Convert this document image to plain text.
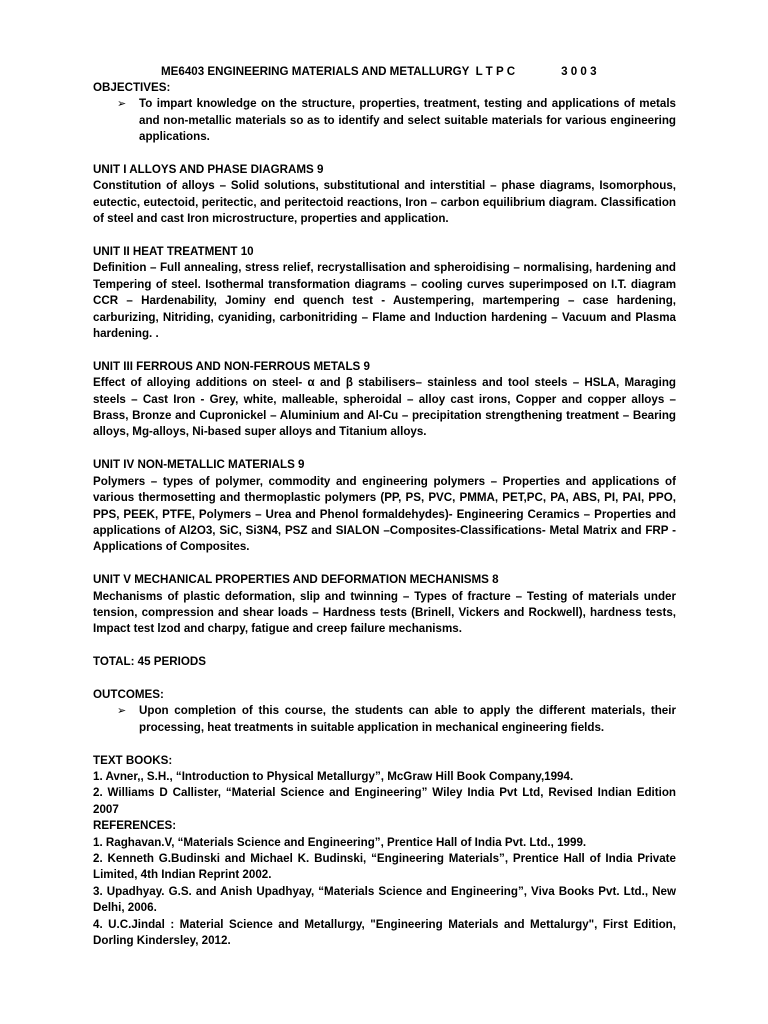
ME6403 ENGINEERING MATERIALS AND METALLURGY L T P C	3 0 0 3
OBJECTIVES:
➢ To impart knowledge on the structure, properties, treatment, testing and applications of metals and non-metallic materials so as to identify and select suitable materials for various engineering applications.
UNIT I ALLOYS AND PHASE DIAGRAMS 9

Constitution of alloys – Solid solutions, substitutional and interstitial – phase diagrams, Isomorphous, eutectic, eutectoid, peritectic, and peritectoid reactions, Iron – carbon equilibrium diagram. Classification of steel and cast Iron microstructure, properties and application.

UNIT II HEAT TREATMENT 10

Definition – Full annealing, stress relief, recrystallisation and spheroidising – normalising, hardening and Tempering of steel. Isothermal transformation diagrams – cooling curves superimposed on I.T. diagram CCR – Hardenability, Jominy end quench test - Austempering, martempering – case hardening, carburizing, Nitriding, cyaniding, carbonitriding – Flame and Induction hardening – Vacuum and Plasma hardening. .

UNIT III FERROUS AND NON-FERROUS METALS 9

Effect of alloying additions on steel- α and β stabilisers– stainless and tool steels – HSLA, Maraging steels – Cast Iron - Grey, white, malleable, spheroidal – alloy cast irons, Copper and copper alloys – Brass, Bronze and Cupronickel – Aluminium and Al-Cu – precipitation strengthening treatment – Bearing alloys, Mg-alloys, Ni-based super alloys and Titanium alloys.

UNIT IV NON-METALLIC MATERIALS 9

Polymers – types of polymer, commodity and engineering polymers – Properties and applications of various thermosetting and thermoplastic polymers (PP, PS, PVC, PMMA, PET,PC, PA, ABS, PI, PAI, PPO, PPS, PEEK, PTFE, Polymers – Urea and Phenol formaldehydes)- Engineering Ceramics – Properties and applications of Al2O3, SiC, Si3N4, PSZ and SIALON –Composites-Classifications- Metal Matrix and FRP - Applications of Composites.

UNIT V MECHANICAL PROPERTIES AND DEFORMATION MECHANISMS 8

Mechanisms of plastic deformation, slip and twinning – Types of fracture – Testing of materials under tension, compression and shear loads – Hardness tests (Brinell, Vickers and Rockwell), hardness tests, Impact test lzod and charpy, fatigue and creep failure mechanisms.

TOTAL: 45 PERIODS
OUTCOMES:
➢ Upon completion of this course, the students can able to apply the different materials, their processing, heat treatments in suitable application in mechanical engineering fields.
TEXT BOOKS:

1. Avner,, S.H., “Introduction to Physical Metallurgy”, McGraw Hill Book Company,1994.

2. Williams D Callister, “Material Science and Engineering” Wiley India Pvt Ltd, Revised Indian Edition 2007

REFERENCES:

1. Raghavan.V, “Materials Science and Engineering”, Prentice Hall of India Pvt. Ltd., 1999.

2. Kenneth G.Budinski and Michael K. Budinski, “Engineering Materials”, Prentice Hall of India Private Limited, 4th Indian Reprint 2002.

3. Upadhyay. G.S. and Anish Upadhyay, “Materials Science and Engineering”, Viva Books Pvt. Ltd., New Delhi, 2006.

4. U.C.Jindal : Material Science and Metallurgy, "Engineering Materials and Mettalurgy", First Edition, Dorling Kindersley, 2012.
